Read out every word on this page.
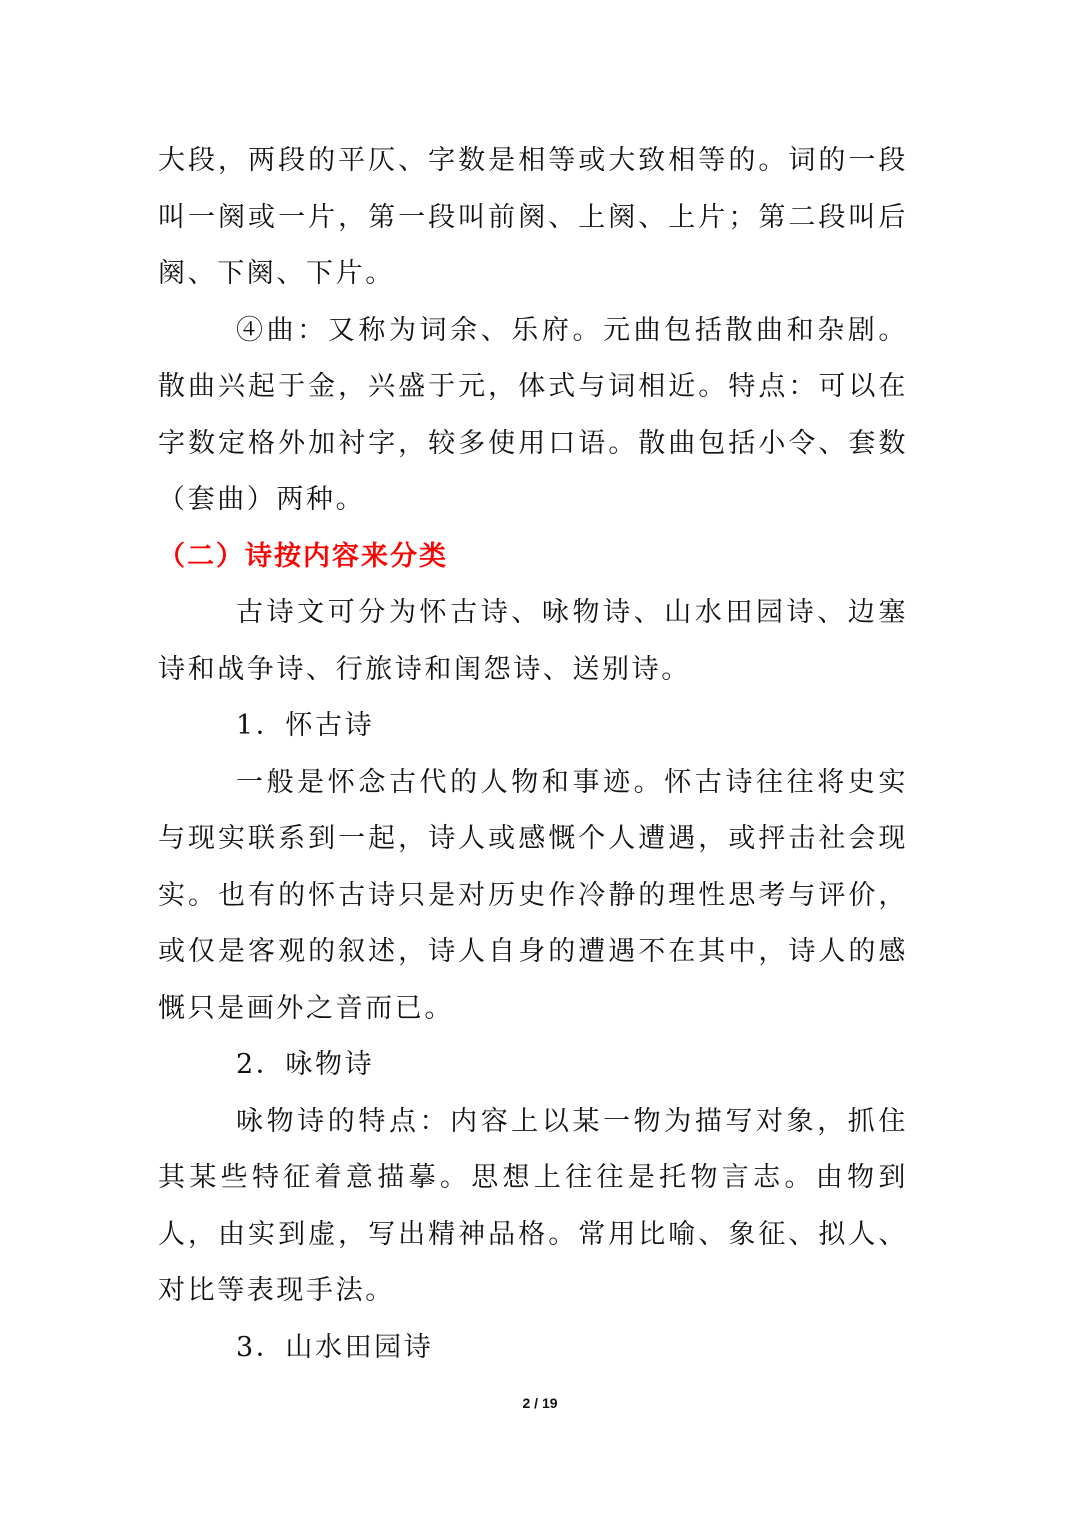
大段，两段的平仄、字数是相等或大致相等的。词的一段叫一阕或一片，第一段叫前阕、上阕、上片；第二段叫后阕、下阕、下片。

④曲：又称为词余、乐府。元曲包括散曲和杂剧。散曲兴起于金，兴盛于元，体式与词相近。特点：可以在字数定格外加衬字，较多使用口语。散曲包括小令、套数（套曲）两种。

（二）诗按内容来分类

古诗文可分为怀古诗、咏物诗、山水田园诗、边塞诗和战争诗、行旅诗和闺怨诗、送别诗。

1．怀古诗

一般是怀念古代的人物和事迹。怀古诗往往将史实与现实联系到一起，诗人或感慨个人遭遇，或抨击社会现实。也有的怀古诗只是对历史作冷静的理性思考与评价，或仅是客观的叙述，诗人自身的遭遇不在其中，诗人的感慨只是画外之音而已。

2．咏物诗

咏物诗的特点：内容上以某一物为描写对象，抓住其某些特征着意描摹。思想上往往是托物言志。由物到人，由实到虚，写出精神品格。常用比喻、象征、拟人、对比等表现手法。

3．山水田园诗

2 / 19
